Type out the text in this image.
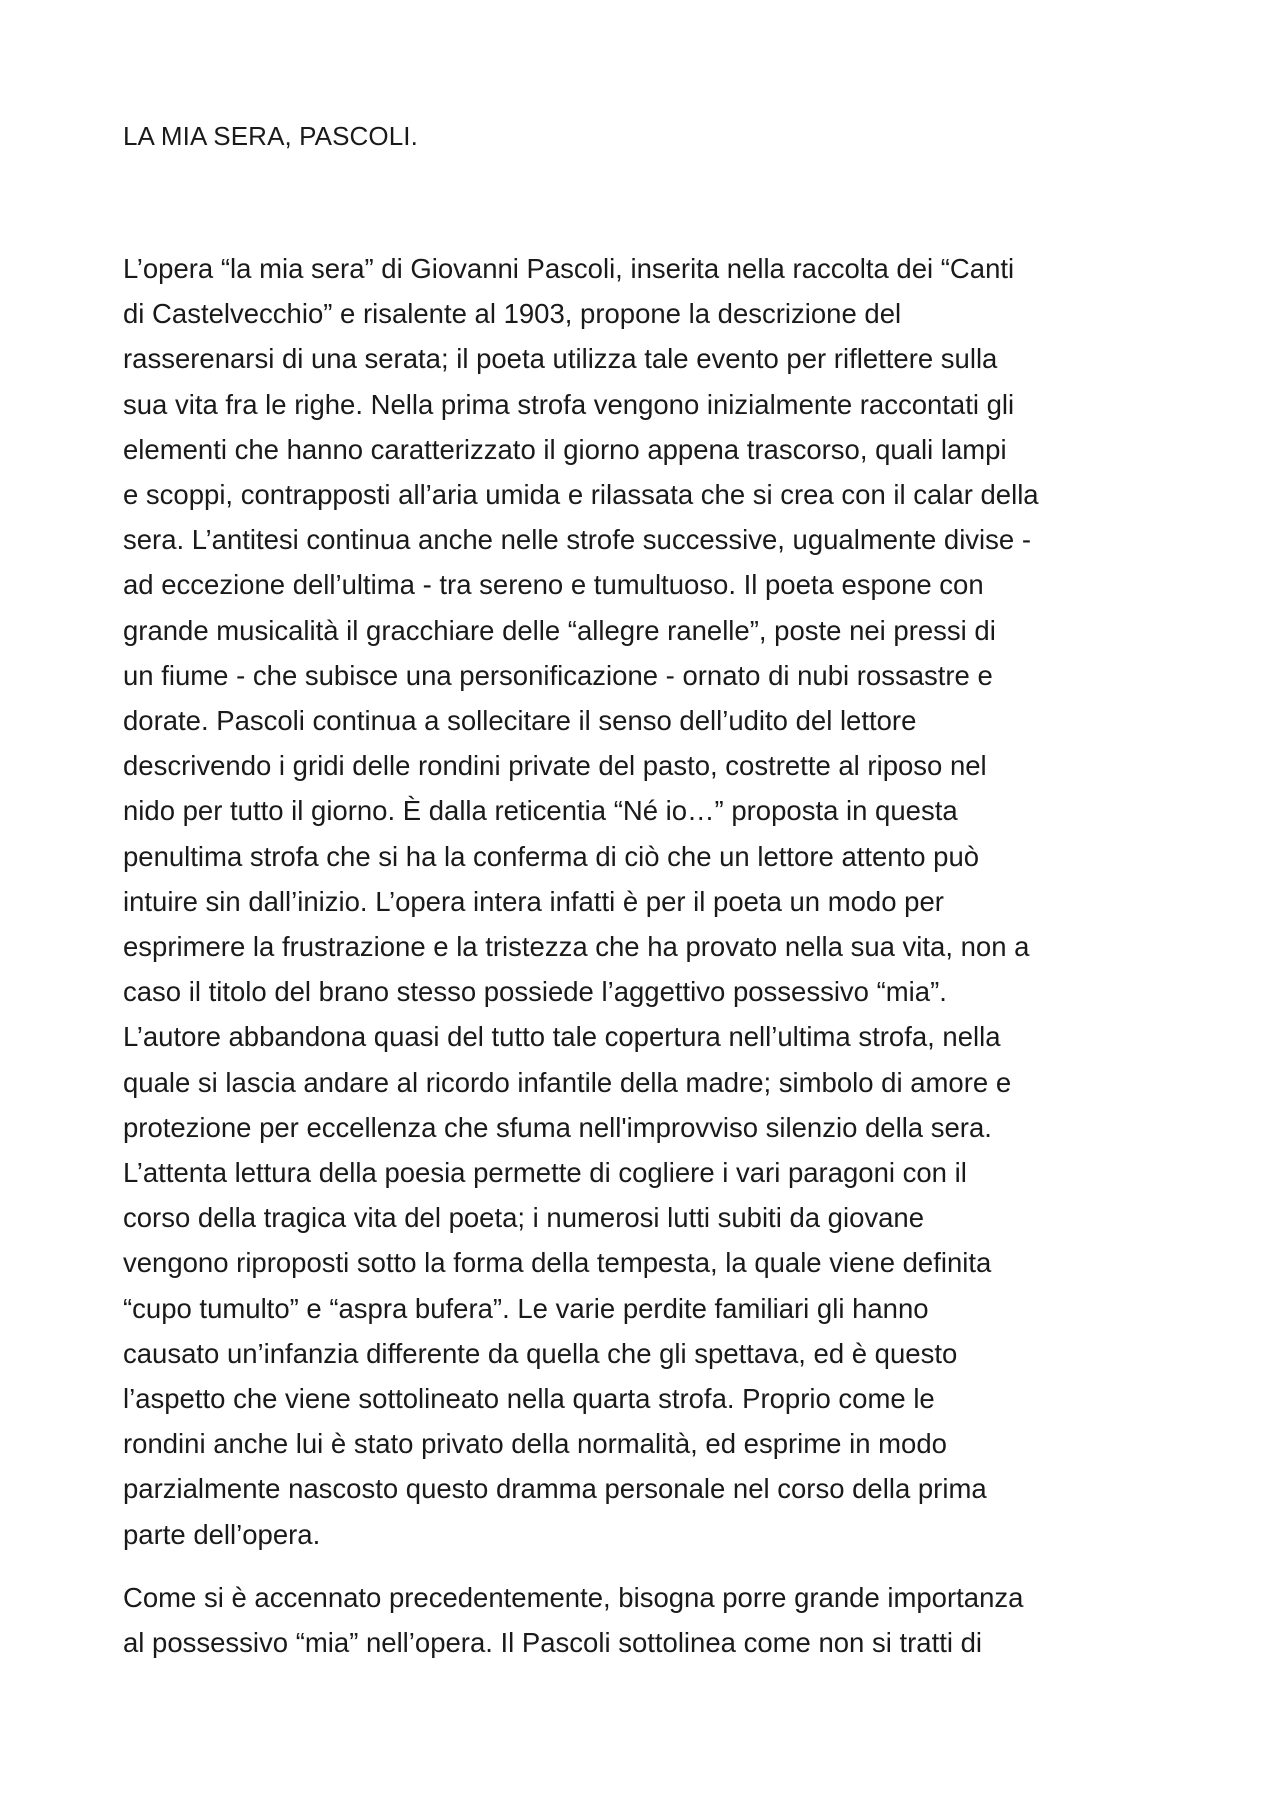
LA MIA SERA, PASCOLI.
L’opera “la mia sera” di Giovanni Pascoli, inserita nella raccolta dei “Canti
di Castelvecchio” e risalente al 1903, propone la descrizione del
rasserenarsi di una serata; il poeta utilizza tale evento per riflettere sulla
sua vita fra le righe. Nella prima strofa vengono inizialmente raccontati gli
elementi che hanno caratterizzato il giorno appena trascorso, quali lampi
e scoppi, contrapposti all’aria umida e rilassata che si crea con il calar della
sera. L’antitesi continua anche nelle strofe successive, ugualmente divise -
ad eccezione dell’ultima - tra sereno e tumultuoso. Il poeta espone con
grande musicalità il gracchiare delle “allegre ranelle”, poste nei pressi di
un fiume - che subisce una personificazione - ornato di nubi rossastre e
dorate. Pascoli continua a sollecitare il senso dell’udito del lettore
descrivendo i gridi delle rondini private del pasto, costrette al riposo nel
nido per tutto il giorno. È dalla reticentia “Né io…” proposta in questa
penultima strofa che si ha la conferma di ciò che un lettore attento può
intuire sin dall’inizio. L’opera intera infatti è per il poeta un modo per
esprimere la frustrazione e la tristezza che ha provato nella sua vita, non a
caso il titolo del brano stesso possiede l’aggettivo possessivo “mia”.
L’autore abbandona quasi del tutto tale copertura nell’ultima strofa, nella
quale si lascia andare al ricordo infantile della madre; simbolo di amore e
protezione per eccellenza che sfuma nell'improvviso silenzio della sera.
L’attenta lettura della poesia permette di cogliere i vari paragoni con il
corso della tragica vita del poeta; i numerosi lutti subiti da giovane
vengono riproposti sotto la forma della tempesta, la quale viene definita
“cupo tumulto” e “aspra bufera”. Le varie perdite familiari gli hanno
causato un’infanzia differente da quella che gli spettava, ed è questo
l’aspetto che viene sottolineato nella quarta strofa. Proprio come le
rondini anche lui è stato privato della normalità, ed esprime in modo
parzialmente nascosto questo dramma personale nel corso della prima
parte dell’opera.
Come si è accennato precedentemente, bisogna porre grande importanza
al possessivo “mia” nell’opera. Il Pascoli sottolinea come non si tratti di
